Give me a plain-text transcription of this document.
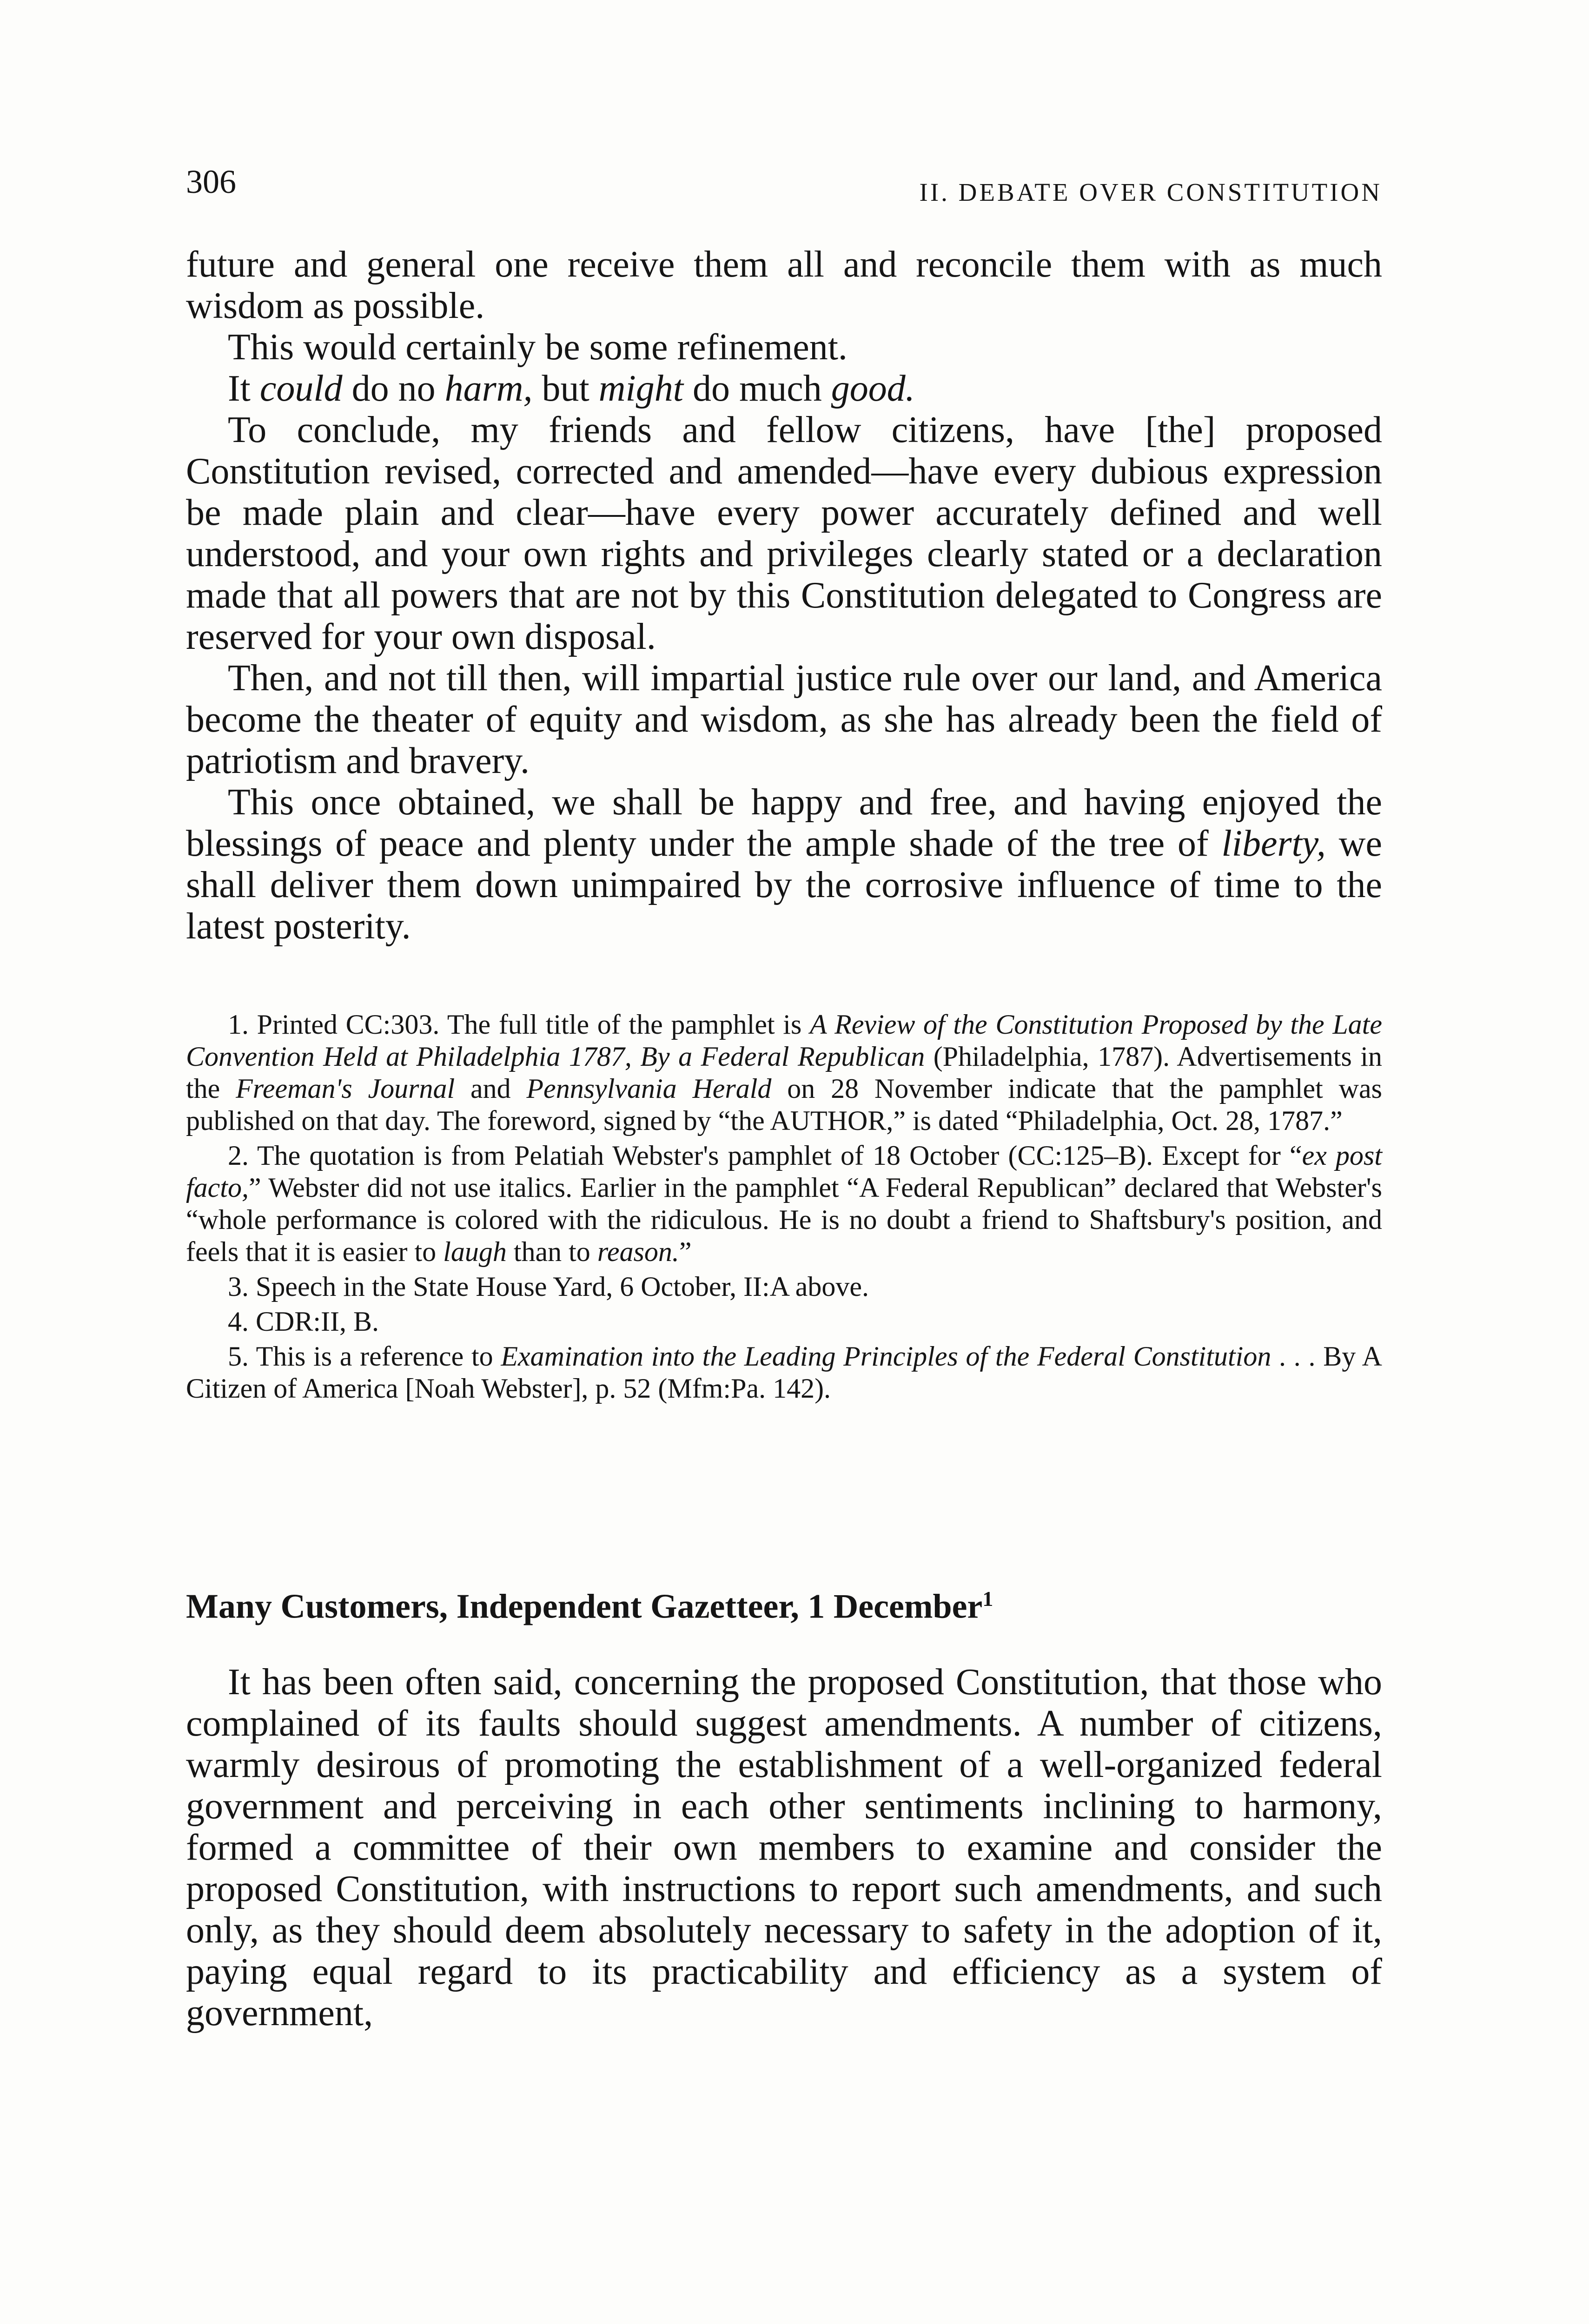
306	II. DEBATE OVER CONSTITUTION

future and general one receive them all and reconcile them with as much wisdom as possible.

This would certainly be some refinement.

It could do no harm, but might do much good.

To conclude, my friends and fellow citizens, have [the] proposed Constitution revised, corrected and amended—have every dubious expression be made plain and clear—have every power accurately defined and well understood, and your own rights and privileges clearly stated or a declaration made that all powers that are not by this Constitution delegated to Congress are reserved for your own disposal.

Then, and not till then, will impartial justice rule over our land, and America become the theater of equity and wisdom, as she has already been the field of patriotism and bravery.

This once obtained, we shall be happy and free, and having enjoyed the blessings of peace and plenty under the ample shade of the tree of liberty, we shall deliver them down unimpaired by the corrosive influence of time to the latest posterity.

1. Printed CC:303. The full title of the pamphlet is A Review of the Constitution Proposed by the Late Convention Held at Philadelphia 1787, By a Federal Republican (Philadelphia, 1787). Advertisements in the Freeman's Journal and Pennsylvania Herald on 28 November indicate that the pamphlet was published on that day. The foreword, signed by “the AUTHOR,” is dated “Philadelphia, Oct. 28, 1787.”

2. The quotation is from Pelatiah Webster's pamphlet of 18 October (CC:125–B). Except for “ex post facto,” Webster did not use italics. Earlier in the pamphlet “A Federal Republican” declared that Webster's “whole performance is colored with the ridiculous. He is no doubt a friend to Shaftsbury's position, and feels that it is easier to laugh than to reason.”

3. Speech in the State House Yard, 6 October, II:A above.

4. CDR:II, B.

5. This is a reference to Examination into the Leading Principles of the Federal Constitution . . . By A Citizen of America [Noah Webster], p. 52 (Mfm:Pa. 142).

Many Customers, Independent Gazetteer, 1 December$^1$

It has been often said, concerning the proposed Constitution, that those who complained of its faults should suggest amendments. A number of citizens, warmly desirous of promoting the establishment of a well-organized federal government and perceiving in each other sentiments inclining to harmony, formed a committee of their own members to examine and consider the proposed Constitution, with instructions to report such amendments, and such only, as they should deem absolutely necessary to safety in the adoption of it, paying equal regard to its practicability and efficiency as a system of government,
